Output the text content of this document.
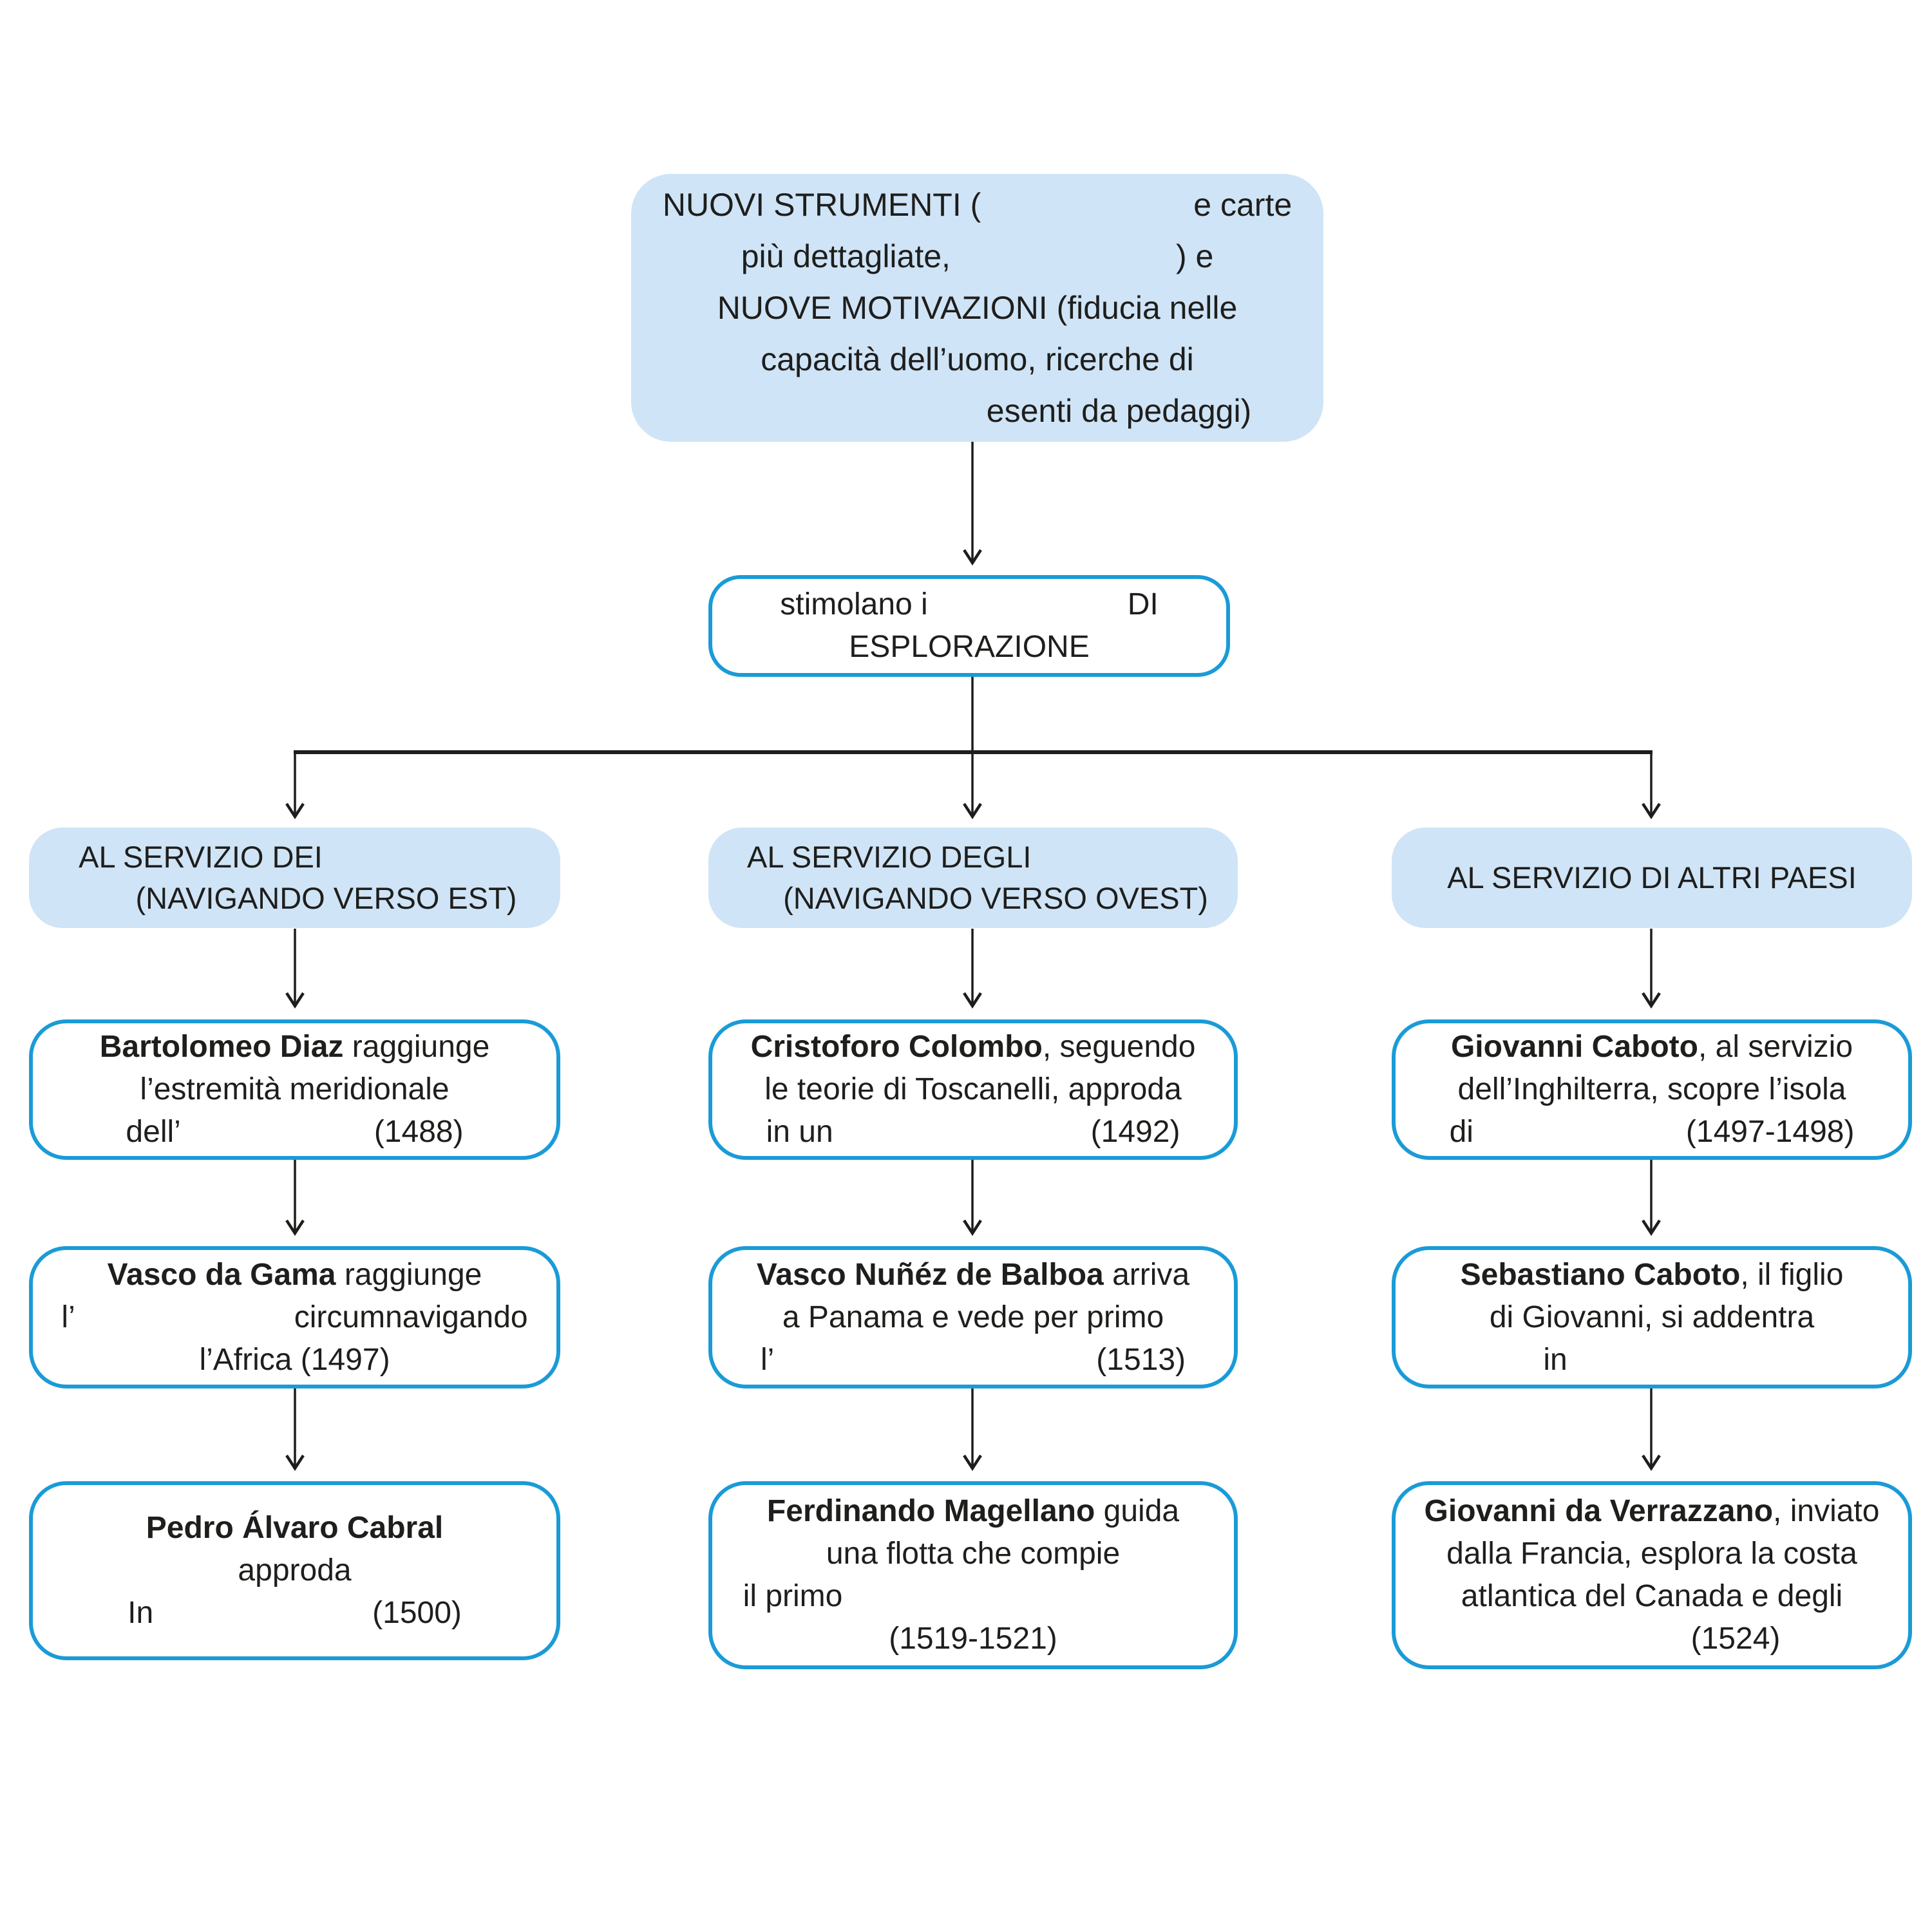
NUOVI STRUMENTI (	e carte
più dettagliate,	) e
NUOVE MOTIVAZIONI (fiducia nelle
capacità dell’uomo, ricerche di
esenti da pedaggi)
stimolano i	DI
ESPLORAZIONE
AL SERVIZIO DEI
(NAVIGANDO VERSO EST)
AL SERVIZIO DEGLI
(NAVIGANDO VERSO OVEST)
AL SERVIZIO DI ALTRI PAESI
Bartolomeo Diaz raggiunge
l’estremità meridionale
dell’	(1488)
Vasco da Gama raggiunge
l’	circumnavigando
l’Africa (1497)
Pedro Álvaro Cabral
approda
In	(1500)
Cristoforo Colombo , seguendo
le teorie di Toscanelli, approda
in un	(1492)
Vasco Nuñéz de Balboa arriva
a Panama e vede per primo
l’	(1513)
Ferdinando Magellano guida
una flotta che compie
il primo
(1519-1521)
Giovanni Caboto , al servizio
dell’Inghilterra, scopre l’isola
di	(1497-1498)
Sebastiano Caboto , il figlio
di Giovanni, si addentra
in
Giovanni da Verrazzano , inviato
dalla Francia, esplora la costa
atlantica del Canada e degli
(1524)
